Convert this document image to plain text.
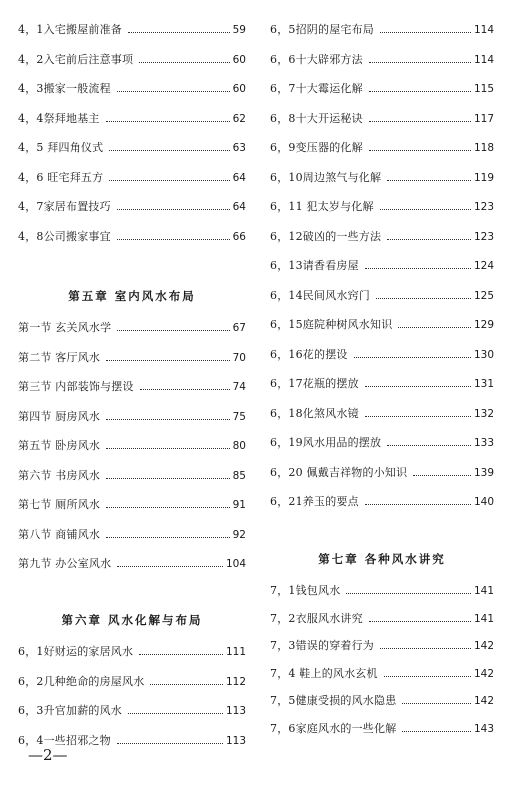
4，1入宅搬屋前准备	59
4，2入宅前后注意事项	60
4，3搬家一般流程	60
4，4祭拜地基主	62
4，5 拜四角仪式	63
4，6 旺宅拜五方	64
4，7家居布置技巧	64
4，8公司搬家事宜	66
第五章 室内风水布局
第一节 玄关风水学	67
第二节 客厅风水	70
第三节 内部装饰与摆设	74
第四节 厨房风水	75
第五节 卧房风水	80
第六节 书房风水	85
第七节 厕所风水	91
第八节 商铺风水	92
第九节 办公室风水	104
第六章 风水化解与布局
6，1好财运的家居风水	111
6，2几种绝命的房屋风水	112
6，3升官加薪的风水	113
6，4一些招邪之物	113
6，5招阴的屋宅布局	114
6，6十大辟邪方法	114
6，7十大霉运化解	115
6，8十大开运秘诀	117
6，9变压器的化解	118
6，10周边煞气与化解	119
6，11 犯太岁与化解	123
6，12破凶的一些方法	123
6，13请香看房屋	124
6，14民间风水窍门	125
6，15庭院种树风水知识	129
6，16花的摆设	130
6，17花瓶的摆放	131
6，18化煞风水镜	132
6，19风水用品的摆放	133
6，20 佩戴吉祥物的小知识	139
6，21养玉的要点	140
第七章 各种风水讲究
7，1钱包风水	141
7，2衣服风水讲究	141
7，3错误的穿着行为	142
7，4 鞋上的风水玄机	142
7，5健康受损的风水隐患	142
7，6家庭风水的一些化解	143
—2—
